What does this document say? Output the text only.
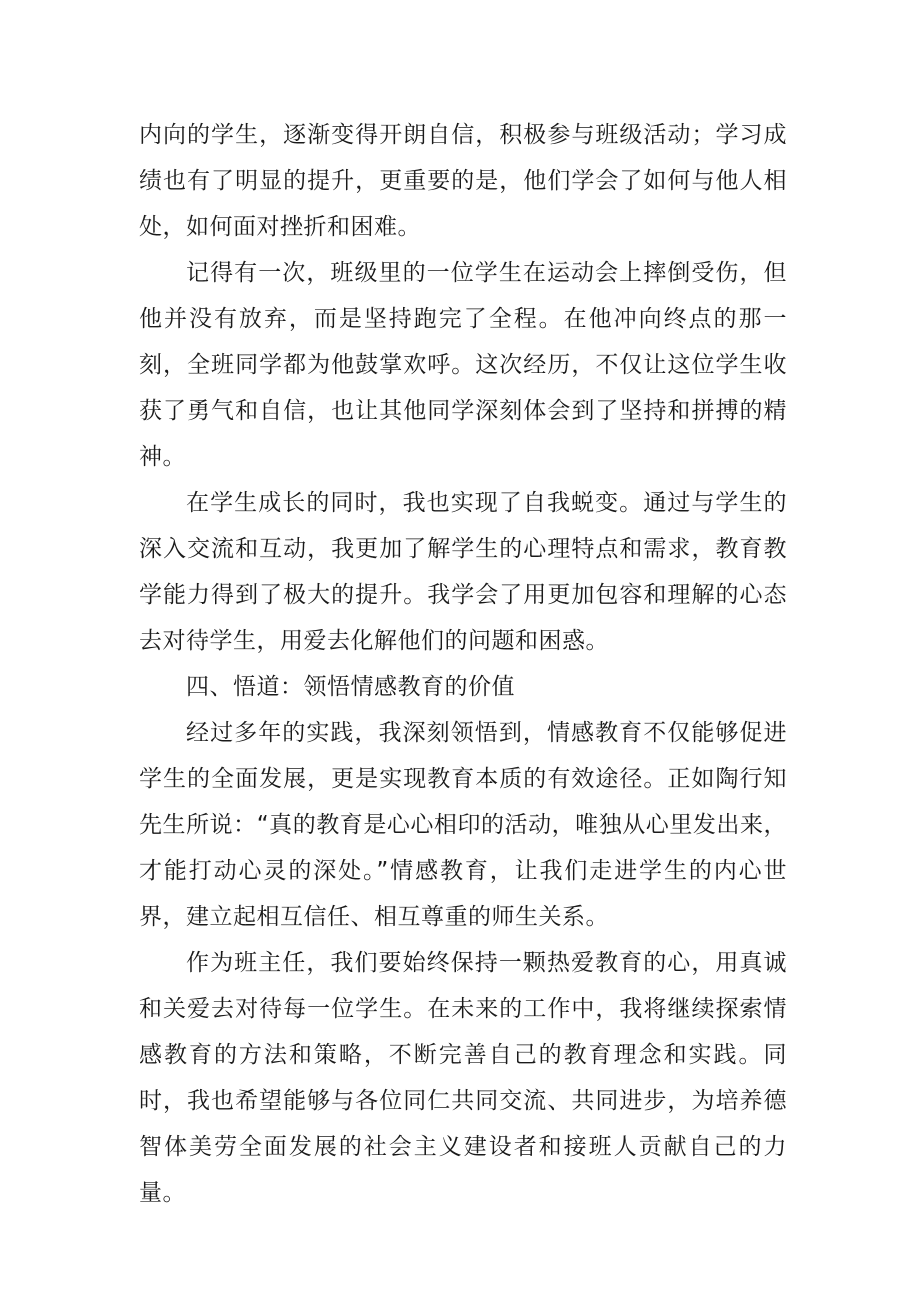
内向的学生，逐渐变得开朗自信，积极参与班级活动；学习成绩也有了明显的提升，更重要的是，他们学会了如何与他人相处，如何面对挫折和困难。

记得有一次，班级里的一位学生在运动会上摔倒受伤，但他并没有放弃，而是坚持跑完了全程。在他冲向终点的那一刻，全班同学都为他鼓掌欢呼。这次经历，不仅让这位学生收获了勇气和自信，也让其他同学深刻体会到了坚持和拼搏的精神。

在学生成长的同时，我也实现了自我蜕变。通过与学生的深入交流和互动，我更加了解学生的心理特点和需求，教育教学能力得到了极大的提升。我学会了用更加包容和理解的心态去对待学生，用爱去化解他们的问题和困惑。

四、悟道：领悟情感教育的价值

经过多年的实践，我深刻领悟到，情感教育不仅能够促进学生的全面发展，更是实现教育本质的有效途径。正如陶行知先生所说：“真的教育是心心相印的活动，唯独从心里发出来，才能打动心灵的深处。”情感教育，让我们走进学生的内心世界，建立起相互信任、相互尊重的师生关系。

作为班主任，我们要始终保持一颗热爱教育的心，用真诚和关爱去对待每一位学生。在未来的工作中，我将继续探索情感教育的方法和策略，不断完善自己的教育理念和实践。同时，我也希望能够与各位同仁共同交流、共同进步，为培养德智体美劳全面发展的社会主义建设者和接班人贡献自己的力量。
